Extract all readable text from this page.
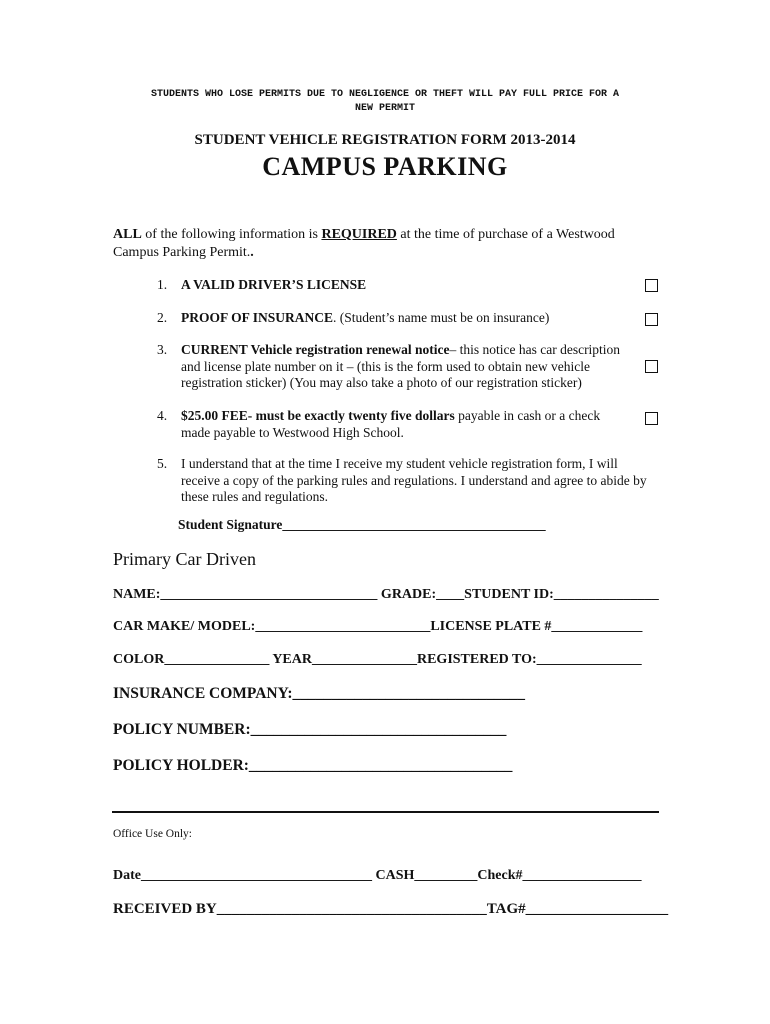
STUDENTS WHO LOSE PERMITS DUE TO NEGLIGENCE OR THEFT WILL PAY FULL PRICE FOR A
NEW PERMIT
STUDENT VEHICLE REGISTRATION FORM 2013-2014
CAMPUS PARKING
ALL of the following information is REQUIRED at the time of purchase of a Westwood Campus Parking Permit..
1. A VALID DRIVER’S LICENSE
2. PROOF OF INSURANCE. (Student’s name must be on insurance)
3. CURRENT Vehicle registration renewal notice– this notice has car description and license plate number on it – (this is the form used to obtain new vehicle registration sticker) (You may also take a photo of our registration sticker)
4. $25.00 FEE- must be exactly twenty five dollars payable in cash or a check made payable to Westwood High School.
5. I understand that at the time I receive my student vehicle registration form, I will receive a copy of the parking rules and regulations. I understand and agree to abide by these rules and regulations.
Student Signature_______________________________________
Primary Car Driven
NAME:_______________________________ GRADE:____STUDENT ID:_______________
CAR MAKE/ MODEL:_________________________LICENSE PLATE #_____________
COLOR_______________ YEAR_______________REGISTERED TO:_______________
INSURANCE COMPANY:______________________________
POLICY NUMBER:_________________________________
POLICY HOLDER:__________________________________
Office Use Only:
Date_________________________________ CASH_________Check#_________________
RECEIVED BY____________________________________TAG#___________________
